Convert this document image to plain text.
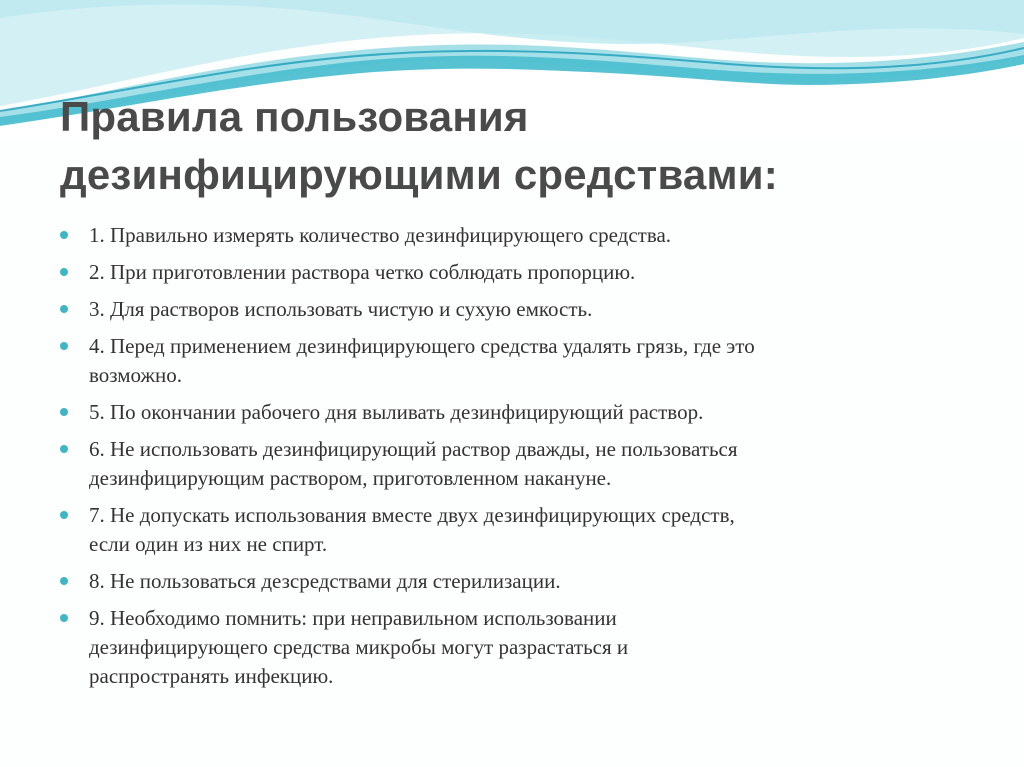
Правила пользования
дезинфицирующими средствами:
1. Правильно измерять количество дезинфицирующего средства.
2. При приготовлении раствора четко соблюдать пропорцию.
3. Для растворов использовать чистую и сухую емкость.
4. Перед применением дезинфицирующего средства удалять грязь, где это
возможно.
5. По окончании рабочего дня выливать дезинфицирующий раствор.
6. Не использовать дезинфицирующий раствор дважды, не пользоваться
дезинфицирующим раствором, приготовленном накануне.
7. Не допускать использования вместе двух дезинфицирующих средств,
если один из них не спирт.
8. Не пользоваться дезсредствами для стерилизации.
9. Необходимо помнить: при неправильном использовании
дезинфицирующего средства микробы могут разрастаться и
распространять инфекцию.
